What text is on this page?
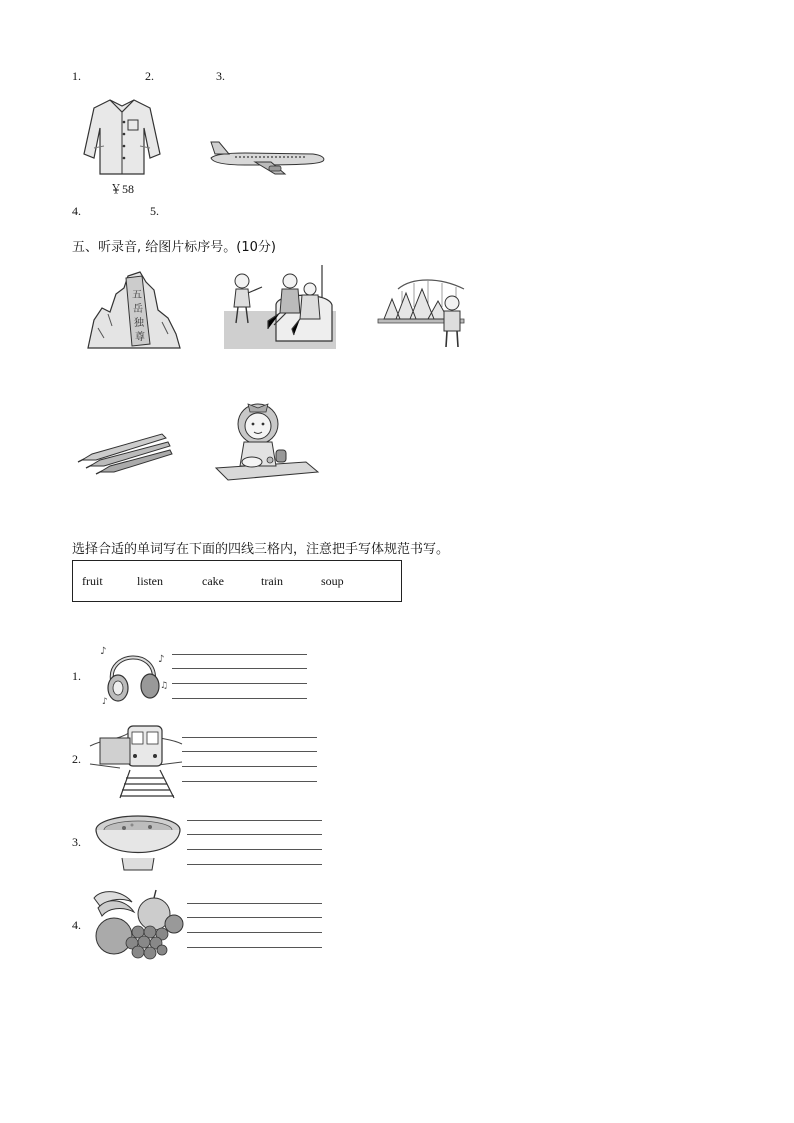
1.	2.	3.
￥58
4.	5.
五、听录音, 给图片标序号。(10分)
五
岳
独
尊
选择合适的单词写在下面的四线三格内，注意把手写体规范书写。
fruit	listen	cake	train	soup
1.
♪
♪
♫
♪
2.
3.
4.
